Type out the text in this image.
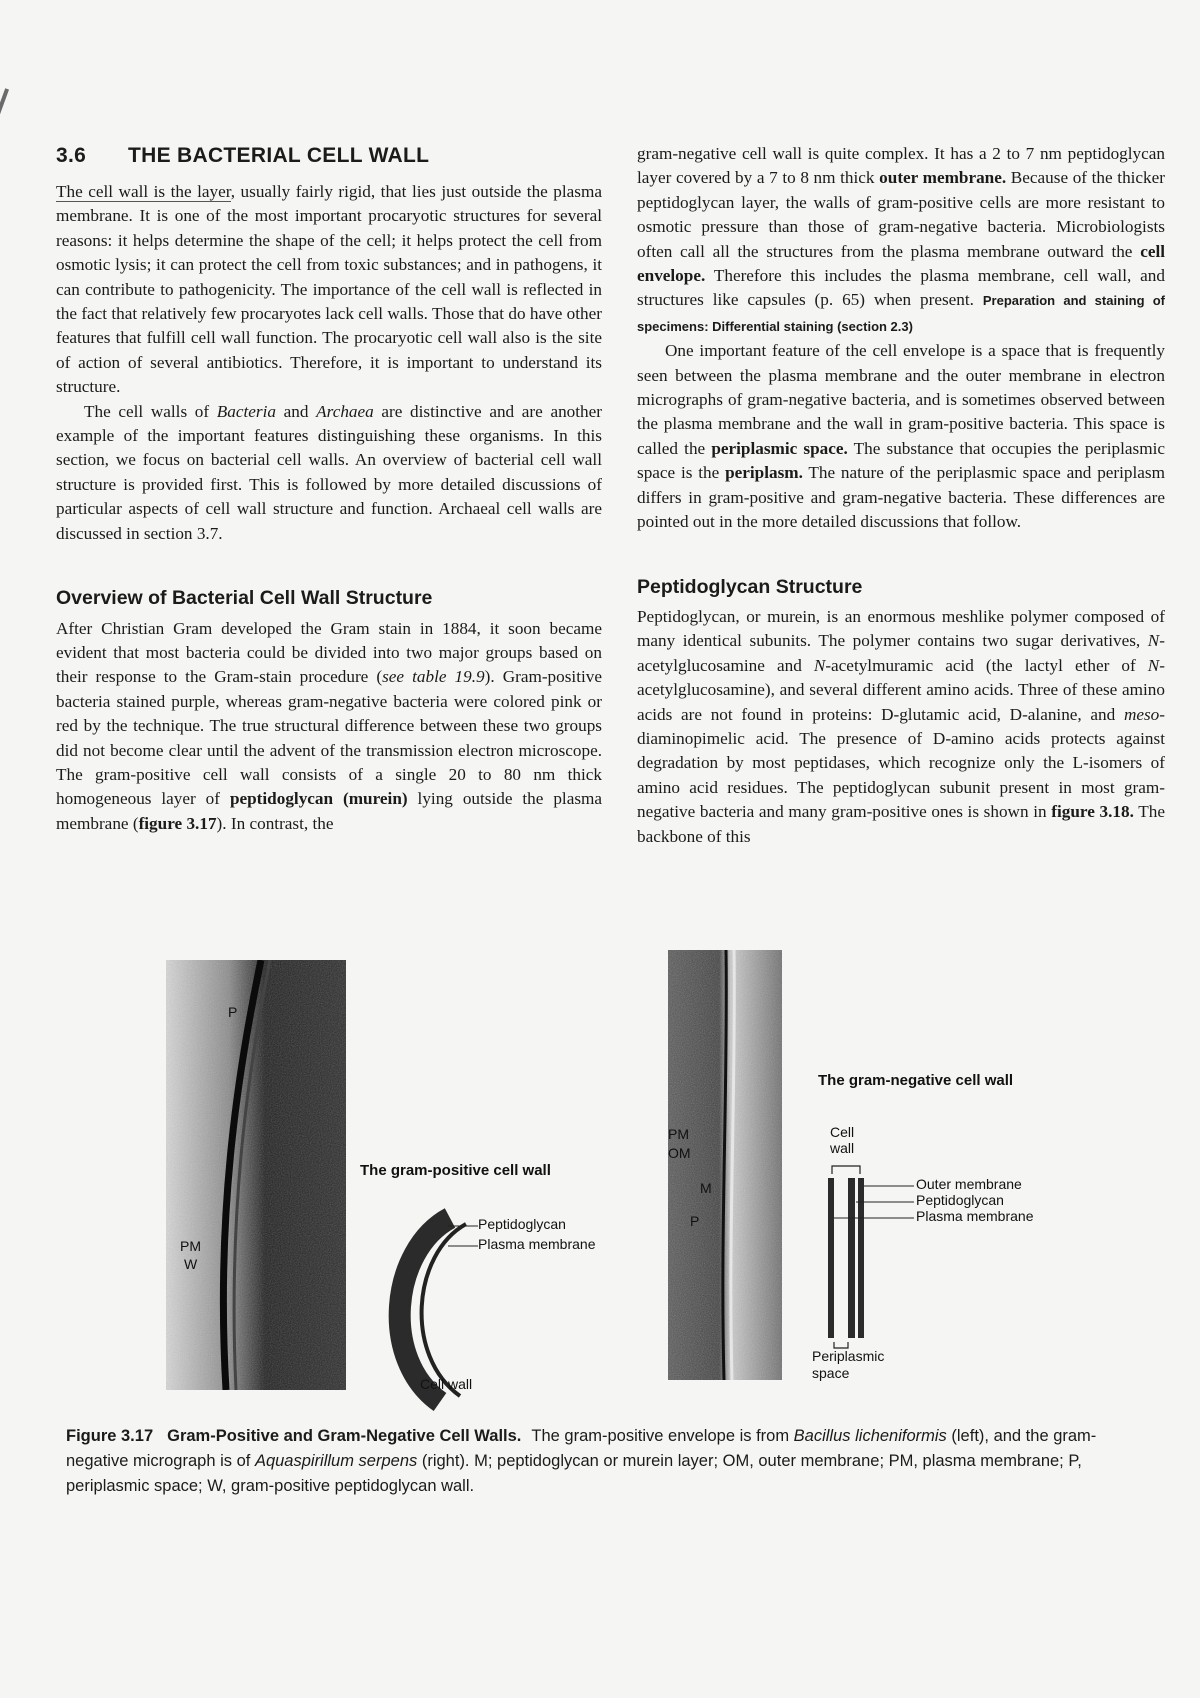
3.6 THE BACTERIAL CELL WALL

The cell wall is the layer, usually fairly rigid, that lies just outside the plasma membrane. It is one of the most important procaryotic structures for several reasons: it helps determine the shape of the cell; it helps protect the cell from osmotic lysis; it can protect the cell from toxic substances; and in pathogens, it can contribute to pathogenicity. The importance of the cell wall is reflected in the fact that relatively few procaryotes lack cell walls. Those that do have other features that fulfill cell wall function. The procaryotic cell wall also is the site of action of several antibiotics. Therefore, it is important to understand its structure.

The cell walls of Bacteria and Archaea are distinctive and are another example of the important features distinguishing these organisms. In this section, we focus on bacterial cell walls. An overview of bacterial cell wall structure is provided first. This is followed by more detailed discussions of particular aspects of cell wall structure and function. Archaeal cell walls are discussed in section 3.7.

Overview of Bacterial Cell Wall Structure

After Christian Gram developed the Gram stain in 1884, it soon became evident that most bacteria could be divided into two major groups based on their response to the Gram-stain procedure (see table 19.9). Gram-positive bacteria stained purple, whereas gram-negative bacteria were colored pink or red by the technique. The true structural difference between these two groups did not become clear until the advent of the transmission electron microscope. The gram-positive cell wall consists of a single 20 to 80 nm thick homogeneous layer of peptidoglycan (murein) lying outside the plasma membrane (figure 3.17). In contrast, the

gram-negative cell wall is quite complex. It has a 2 to 7 nm peptidoglycan layer covered by a 7 to 8 nm thick outer membrane. Because of the thicker peptidoglycan layer, the walls of gram-positive cells are more resistant to osmotic pressure than those of gram-negative bacteria. Microbiologists often call all the structures from the plasma membrane outward the cell envelope. Therefore this includes the plasma membrane, cell wall, and structures like capsules (p. 65) when present. Preparation and staining of specimens: Differential staining (section 2.3)

One important feature of the cell envelope is a space that is frequently seen between the plasma membrane and the outer membrane in electron micrographs of gram-negative bacteria, and is sometimes observed between the plasma membrane and the wall in gram-positive bacteria. This space is called the periplasmic space. The substance that occupies the periplasmic space is the periplasm. The nature of the periplasmic space and periplasm differs in gram-positive and gram-negative bacteria. These differences are pointed out in the more detailed discussions that follow.

Peptidoglycan Structure

Peptidoglycan, or murein, is an enormous meshlike polymer composed of many identical subunits. The polymer contains two sugar derivatives, N-acetylglucosamine and N-acetylmuramic acid (the lactyl ether of N-acetylglucosamine), and several different amino acids. Three of these amino acids are not found in proteins: D-glutamic acid, D-alanine, and meso-diaminopimelic acid. The presence of D-amino acids protects against degradation by most peptidases, which recognize only the L-isomers of amino acid residues. The peptidoglycan subunit present in most gram-negative bacteria and many gram-positive ones is shown in figure 3.18. The backbone of this

P
PM
W
The gram-positive cell wall
Peptidoglycan
Plasma membrane
Cell wall
PM
OM
M
P
The gram-negative cell wall
Cell
wall
Outer membrane
Peptidoglycan
Plasma membrane
Periplasmic
space
Figure 3.17 Gram-Positive and Gram-Negative Cell Walls. The gram-positive envelope is from Bacillus licheniformis (left), and the gram-negative micrograph is of Aquaspirillum serpens (right). M; peptidoglycan or murein layer; OM, outer membrane; PM, plasma membrane; P, periplasmic space; W, gram-positive peptidoglycan wall.
